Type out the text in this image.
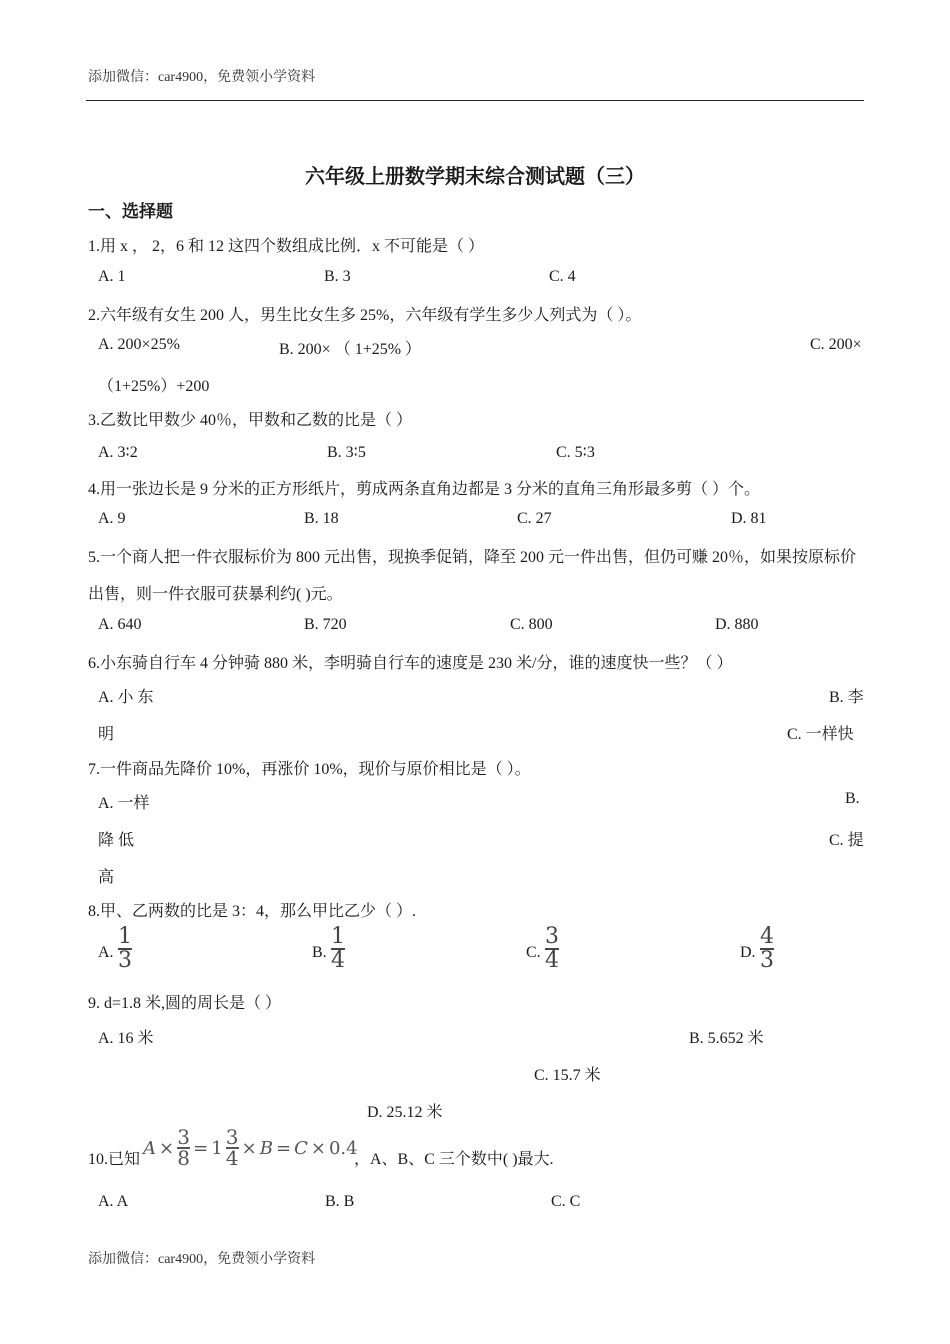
添加微信：car4900，免费领小学资料
六年级上册数学期末综合测试题（三）
一、选择题
1.用 x ， 2，6 和 12 这四个数组成比例．x 不可能是（ ）
A. 1	B. 3	C. 4
2.六年级有女生 200 人，男生比女生多 25%，六年级有学生多少人列式为（ ）。
A. 200×25%	B. 200× （ 1+25% ）	C. 200×
（1+25%）+200
3.乙数比甲数少 40％，甲数和乙数的比是（ ）
A. 3∶2	B. 3∶5	C. 5∶3
4.用一张边长是 9 分米的正方形纸片，剪成两条直角边都是 3 分米的直角三角形最多剪（ ）个。
A. 9	B. 18	C. 27	D. 81
5.一个商人把一件衣服标价为 800 元出售，现换季促销，降至 200 元一件出售，但仍可赚 20％，如果按原标价
出售，则一件衣服可获暴利约( )元。
A. 640	B. 720	C. 800	D. 880
6.小东骑自行车 4 分钟骑 880 米，李明骑自行车的速度是 230 米/分，谁的速度快一些？（ ）
A. 小 东	B. 李
明	C. 一样快
7.一件商品先降价 10%，再涨价 10%，现价与原价相比是（ ）。
A. 一样	B.
降 低	C. 提
高
8.甲、乙两数的比是 3：4，那么甲比乙少（ ）.
A.
1
3	B.
1
4	C.
3
4	D.
4
3
9. d=1.8 米,圆的周长是（ ）
A. 16 米	B. 5.652 米
C. 15.7 米
D. 25.12 米
10.已知
A × 3
8 = 1 3
4 × B = C × 0.4
，A、B、C 三个数中( )最大.
A. A	B. B	C. C
添加微信：car4900，免费领小学资料
